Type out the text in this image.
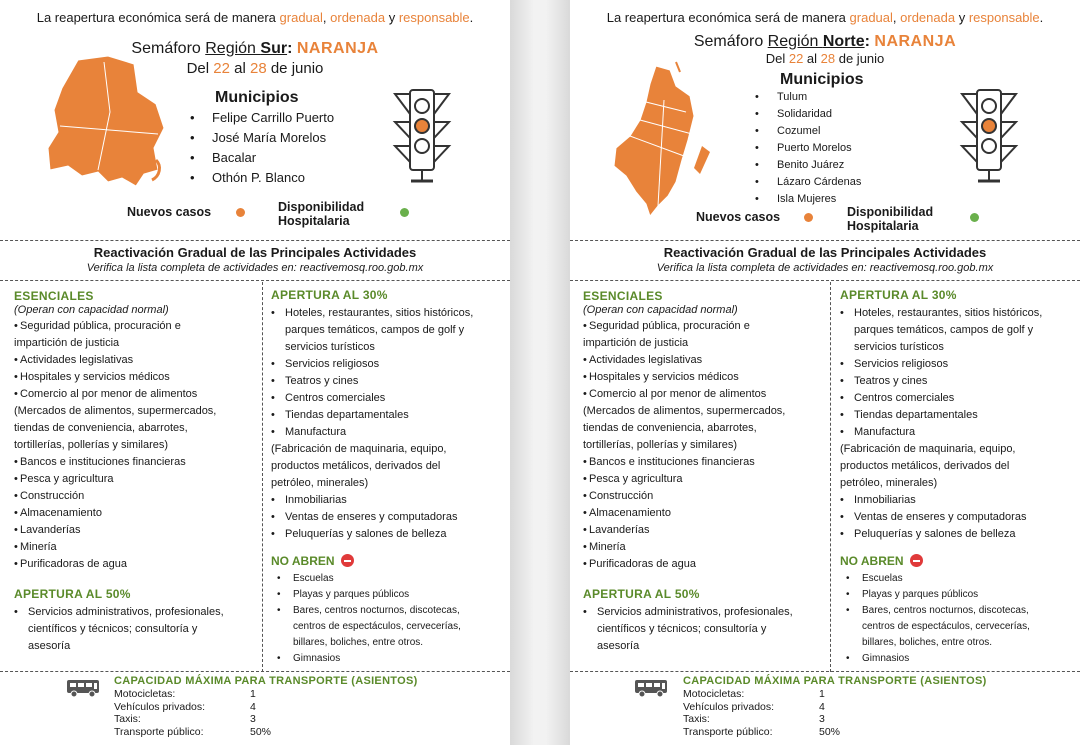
La reapertura económica será de manera gradual, ordenada y responsable.
Semáforo Región Sur: NARANJA
Del 22 al 28 de junio
Municipios
• Felipe Carrillo Puerto
• José María Morelos
• Bacalar
• Othón P. Blanco
Nuevos casos	Disponibilidad
Hospitalaria
Reactivación Gradual de las Principales Actividades
Verifica la lista completa de actividades en: reactivemosq.roo.gob.mx
ESENCIALES
(Operan con capacidad normal)
• Seguridad pública, procuración e
impartición de justicia
• Actividades legislativas
• Hospitales y servicios médicos
• Comercio al por menor de alimentos
(Mercados de alimentos, supermercados,
tiendas de conveniencia, abarrotes,
tortillerías, pollerías y similares)
• Bancos e instituciones financieras
• Pesca y agricultura
• Construcción
• Almacenamiento
• Lavanderías
• Minería
• Purificadoras de agua
APERTURA AL 50%
• Servicios administrativos, profesionales,
científicos y técnicos; consultoría y
asesoría
APERTURA AL 30%
• Hoteles, restaurantes, sitios históricos,
parques temáticos, campos de golf y
servicios turísticos
• Servicios religiosos
• Teatros y cines
• Centros comerciales
• Tiendas departamentales
• Manufactura
(Fabricación de maquinaria, equipo,
productos metálicos, derivados del
petróleo, minerales)
• Inmobiliarias
• Ventas de enseres y computadoras
• Peluquerías y salones de belleza
NO ABREN
• Escuelas
• Playas y parques públicos
• Bares, centros nocturnos, discotecas,
centros de espectáculos, cervecerías,
billares, boliches, entre otros.
• Gimnasios
CAPACIDAD MÁXIMA PARA TRANSPORTE (ASIENTOS)
Motocicletas:	1
Vehículos privados:	4
Taxis:	3
Transporte público:	50%
La reapertura económica será de manera gradual, ordenada y responsable.
Semáforo Región Norte: NARANJA
Del 22 al 28 de junio
Municipios
• Tulum
• Solidaridad
• Cozumel
• Puerto Morelos
• Benito Juárez
• Lázaro Cárdenas
• Isla Mujeres
Nuevos casos	Disponibilidad
Hospitalaria
Reactivación Gradual de las Principales Actividades
Verifica la lista completa de actividades en: reactivemosq.roo.gob.mx
ESENCIALES
(Operan con capacidad normal)
• Seguridad pública, procuración e
impartición de justicia
• Actividades legislativas
• Hospitales y servicios médicos
• Comercio al por menor de alimentos
(Mercados de alimentos, supermercados,
tiendas de conveniencia, abarrotes,
tortillerías, pollerías y similares)
• Bancos e instituciones financieras
• Pesca y agricultura
• Construcción
• Almacenamiento
• Lavanderías
• Minería
• Purificadoras de agua
APERTURA AL 50%
• Servicios administrativos, profesionales,
científicos y técnicos; consultoría y
asesoría
APERTURA AL 30%
• Hoteles, restaurantes, sitios históricos,
parques temáticos, campos de golf y
servicios turísticos
• Servicios religiosos
• Teatros y cines
• Centros comerciales
• Tiendas departamentales
• Manufactura
(Fabricación de maquinaria, equipo,
productos metálicos, derivados del
petróleo, minerales)
• Inmobiliarias
• Ventas de enseres y computadoras
• Peluquerías y salones de belleza
NO ABREN
• Escuelas
• Playas y parques públicos
• Bares, centros nocturnos, discotecas,
centros de espectáculos, cervecerías,
billares, boliches, entre otros.
• Gimnasios
CAPACIDAD MÁXIMA PARA TRANSPORTE (ASIENTOS)
Motocicletas:	1
Vehículos privados:	4
Taxis:	3
Transporte público:	50%
